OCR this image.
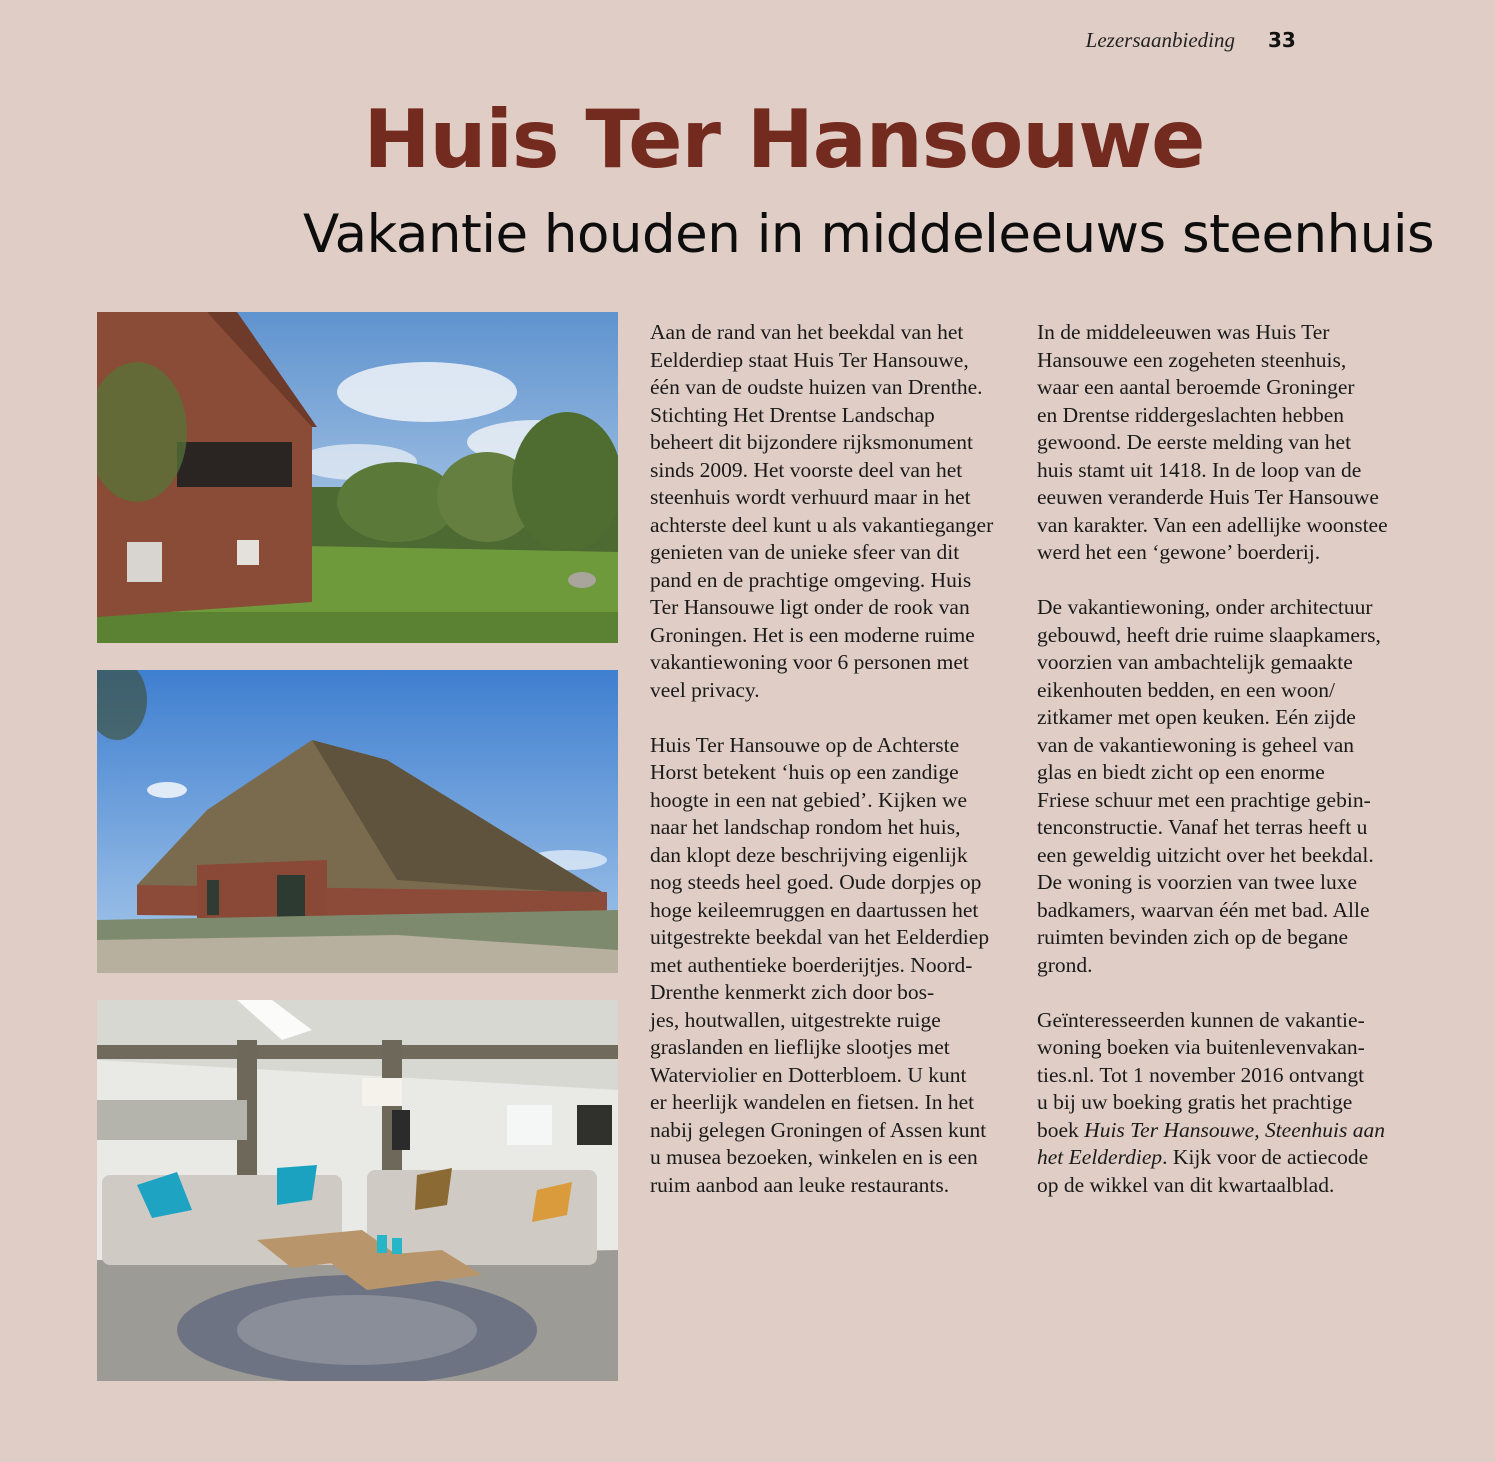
Lezersaanbieding 33
Huis Ter Hansouwe
Vakantie houden in middeleeuws steenhuis

Aan de rand van het beekdal van het
Eelderdiep staat Huis Ter Hansouwe,
één van de oudste huizen van Drenthe.
Stichting Het Drentse Landschap
beheert dit bijzondere rijksmonument
sinds 2009. Het voorste deel van het
steenhuis wordt verhuurd maar in het
achterste deel kunt u als vakantieganger
genieten van de unieke sfeer van dit
pand en de prachtige omgeving. Huis
Ter Hansouwe ligt onder de rook van
Groningen. Het is een moderne ruime
vakantiewoning voor 6 personen met
veel privacy.

Huis Ter Hansouwe op de Achterste
Horst betekent ‘huis op een zandige
hoogte in een nat gebied’. Kijken we
naar het landschap rondom het huis,
dan klopt deze beschrijving eigenlijk
nog steeds heel goed. Oude dorpjes op
hoge keileemruggen en daartussen het
uitgestrekte beekdal van het Eelderdiep
met authentieke boerderijtjes. Noord-
Drenthe kenmerkt zich door bos-
jes, houtwallen, uitgestrekte ruige
graslanden en lieflijke slootjes met
Waterviolier en Dotterbloem. U kunt
er heerlijk wandelen en fietsen. In het
nabij gelegen Groningen of Assen kunt
u musea bezoeken, winkelen en is een
ruim aanbod aan leuke restaurants.

In de middeleeuwen was Huis Ter
Hansouwe een zogeheten steenhuis,
waar een aantal beroemde Groninger
en Drentse riddergeslachten hebben
gewoond. De eerste melding van het
huis stamt uit 1418. In de loop van de
eeuwen veranderde Huis Ter Hansouwe
van karakter. Van een adellijke woonstee
werd het een ‘gewone’ boerderij.

De vakantiewoning, onder architectuur
gebouwd, heeft drie ruime slaapkamers,
voorzien van ambachtelijk gemaakte
eikenhouten bedden, en een woon/
zitkamer met open keuken. Eén zijde
van de vakantiewoning is geheel van
glas en biedt zicht op een enorme
Friese schuur met een prachtige gebin-
tenconstructie. Vanaf het terras heeft u
een geweldig uitzicht over het beekdal.
De woning is voorzien van twee luxe
badkamers, waarvan één met bad. Alle
ruimten bevinden zich op de begane
grond.

Geïnteresseerden kunnen de vakantie-
woning boeken via buitenlevenvakan-
ties.nl. Tot 1 november 2016 ontvangt
u bij uw boeking gratis het prachtige
boek Huis Ter Hansouwe, Steenhuis aan
het Eelderdiep. Kijk voor de actiecode
op de wikkel van dit kwartaalblad.
